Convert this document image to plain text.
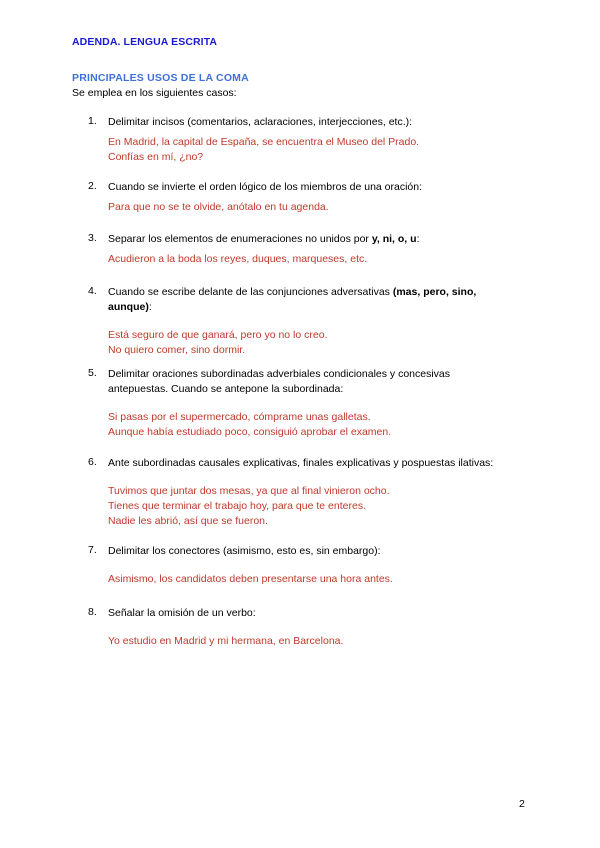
ADENDA. LENGUA ESCRITA
PRINCIPALES USOS DE LA COMA
Se emplea en los siguientes casos:
1. Delimitar incisos (comentarios, aclaraciones, interjecciones, etc.):
En Madrid, la capital de España, se encuentra el Museo del Prado.
Confías en mí, ¿no?
2. Cuando se invierte el orden lógico de los miembros de una oración:
Para que no se te olvide, anótalo en tu agenda.
3. Separar los elementos de enumeraciones no unidos por y, ni, o, u:
Acudieron a la boda los reyes, duques, marqueses, etc.
4. Cuando se escribe delante de las conjunciones adversativas (mas, pero, sino, aunque):
Está seguro de que ganará, pero yo no lo creo.
No quiero comer, sino dormir.
5. Delimitar oraciones subordinadas adverbiales condicionales y concesivas antepuestas. Cuando se antepone la subordinada:
Si pasas por el supermercado, cómprame unas galletas.
Aunque había estudiado poco, consiguió aprobar el examen.
6. Ante subordinadas causales explicativas, finales explicativas y pospuestas ilativas:
Tuvimos que juntar dos mesas, ya que al final vinieron ocho.
Tienes que terminar el trabajo hoy, para que te enteres.
Nadie les abrió, así que se fueron.
7. Delimitar los conectores (asimismo, esto es, sin embargo):
Asimismo, los candidatos deben presentarse una hora antes.
8. Señalar la omisión de un verbo:
Yo estudio en Madrid y mi hermana, en Barcelona.
2
